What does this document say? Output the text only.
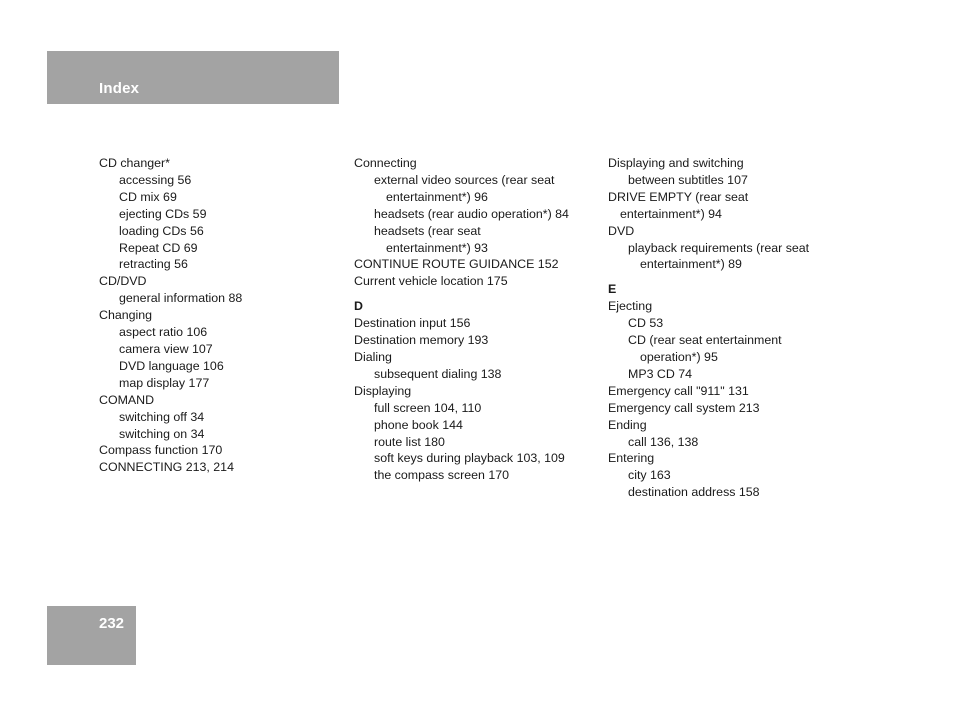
Index
CD changer*
accessing 56
CD mix 69
ejecting CDs 59
loading CDs 56
Repeat CD 69
retracting 56
CD/DVD
general information 88
Changing
aspect ratio 106
camera view 107
DVD language 106
map display 177
COMAND
switching off 34
switching on 34
Compass function 170
CONNECTING 213, 214
Connecting
external video sources (rear seat
entertainment*) 96
headsets (rear audio operation*) 84
headsets (rear seat
entertainment*) 93
CONTINUE ROUTE GUIDANCE 152
Current vehicle location 175
D
Destination input 156
Destination memory 193
Dialing
subsequent dialing 138
Displaying
full screen 104, 110
phone book 144
route list 180
soft keys during playback 103, 109
the compass screen 170
Displaying and switching
between subtitles 107
DRIVE EMPTY (rear seat
entertainment*) 94
DVD
playback requirements (rear seat
entertainment*) 89
E
Ejecting
CD 53
CD (rear seat entertainment
operation*) 95
MP3 CD 74
Emergency call "911" 131
Emergency call system 213
Ending
call 136, 138
Entering
city 163
destination address 158
232
